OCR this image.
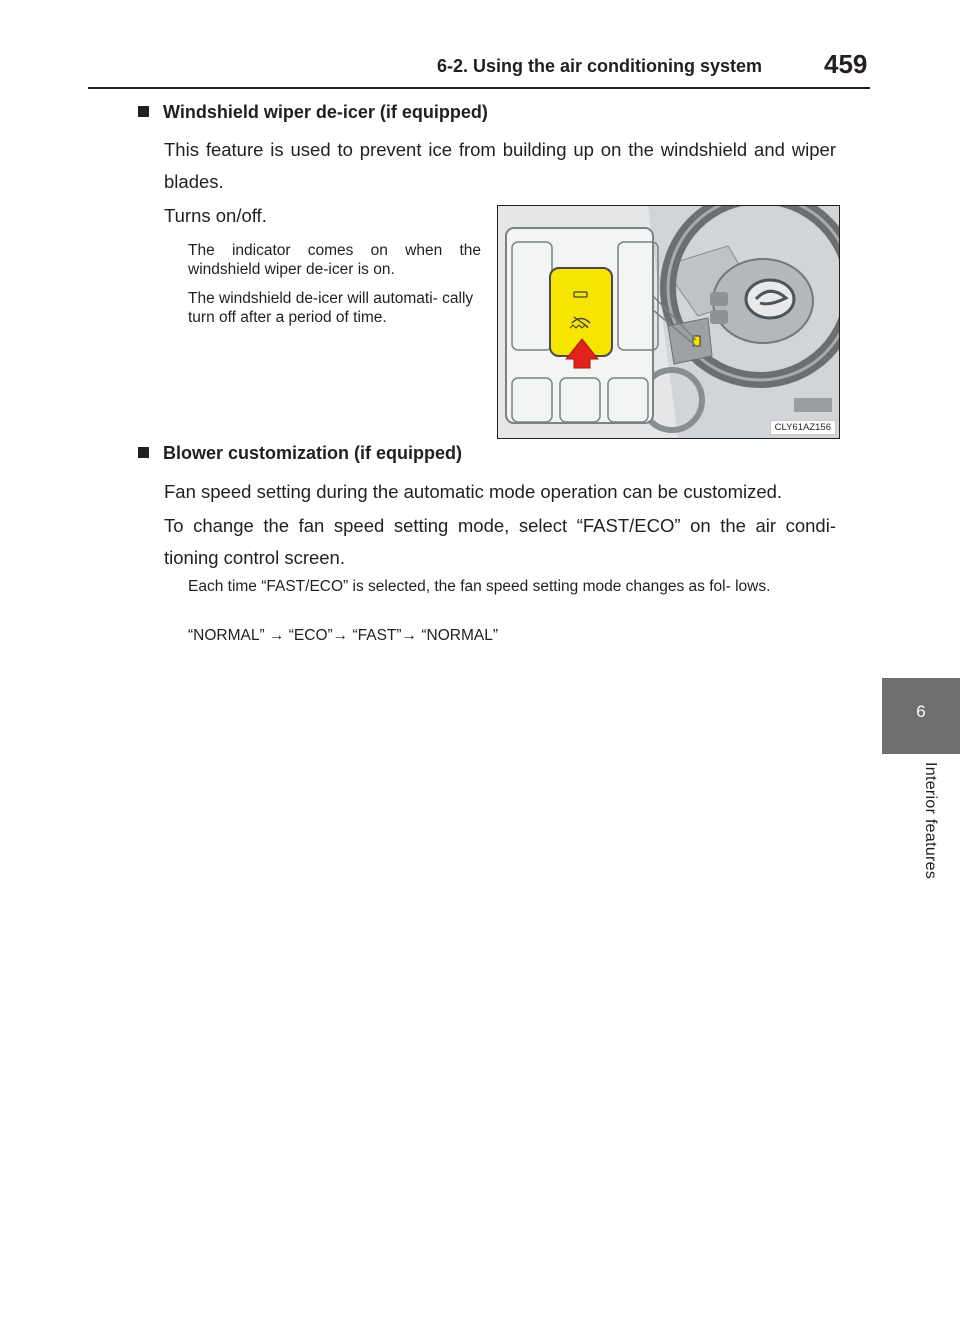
6-2. Using the air conditioning system 459
6
Interior features
Windshield wiper de-icer (if equipped)
This feature is used to prevent ice from building up on the windshield and wiper blades.
Turns on/off.
The indicator comes on when the windshield wiper de-icer is on.
The windshield de-icer will automati- cally turn off after a period of time.
CLY61AZ156
Blower customization (if equipped)
Fan speed setting during the automatic mode operation can be customized.
To change the fan speed setting mode, select “FAST/ECO” on the air condi- tioning control screen.
Each time “FAST/ECO” is selected, the fan speed setting mode changes as fol- lows.
“NORMAL” → “ECO”→ “FAST”→ “NORMAL”
